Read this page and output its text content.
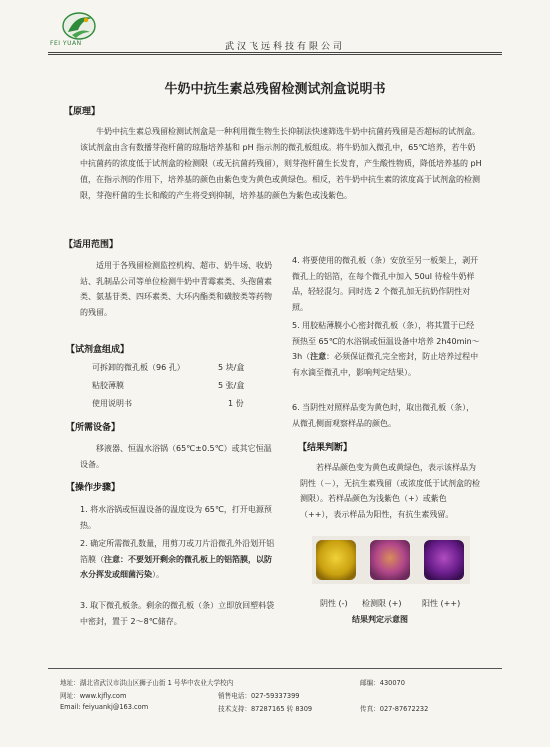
FEI YUAN	武汉飞远科技有限公司
牛奶中抗生素总残留检测试剂盒说明书
【原理】
牛奶中抗生素总残留检测试剂盒是一种利用微生物生长抑制法快速筛选牛奶中抗菌药残留是否超标的试剂盒。该试剂盒由含有数播芽孢杆菌的琼脂培养基和 pH 指示剂的微孔板组成。将牛奶加入微孔中，65℃培养，若牛奶中抗菌药的浓度低于试剂盒的检测限（或无抗菌药残留），则芽孢杆菌生长发育，产生酸性物质，降低培养基的 pH 值，在指示剂的作用下，培养基的颜色由紫色变为黄色或黄绿色。相反，若牛奶中抗生素的浓度高于试剂盒的检测限，芽孢杆菌的生长和酸的产生将受到抑制，培养基的颜色为紫色或浅紫色。
【适用范围】
适用于各残留检测监控机构、超市、奶牛场、收奶站、乳制品公司等单位检测牛奶中青霉素类、头孢菌素类、氨基苷类、四环素类、大环内酯类和磺胺类等药物的残留。
【试剂盒组成】
可拆卸的微孔板（96 孔）	5 块/盒
粘胶薄膜	5 张/盒
使用说明书	1 份
【所需设备】
移液器、恒温水浴锅（65℃±0.5℃）或其它恒温设备。
【操作步骤】
1. 将水浴锅或恒温设备的温度设为 65℃，打开电源预热。
2. 确定所需微孔数量，用剪刀或刀片沿微孔外沿划开铝箔膜（注意：不要划开剩余的微孔板上的铝箔膜，以防水分挥发或细菌污染）。
3. 取下微孔板条。剩余的微孔板（条）立即放回塑料袋中密封，置于 2～8℃储存。
4. 将要使用的微孔板（条）安放至另一板架上，剥开微孔上的铝箔，在每个微孔中加入 50ul 待检牛奶样品，轻轻混匀。同时选 2 个微孔加无抗奶作阴性对照。
5. 用胶粘薄膜小心密封微孔板（条），将其置于已经预热至 65℃的水浴锅或恒温设备中培养 2h40min～3h（注意：必须保证微孔完全密封，防止培养过程中有水滴至微孔中，影响判定结果）。
6. 当阴性对照样品变为黄色时，取出微孔板（条），从微孔侧面观察样品的颜色。
【结果判断】
若样品颜色变为黄色或黄绿色，表示该样品为阴性（－），无抗生素残留（或浓度低于试剂盒的检测限）。若样品颜色为浅紫色（+）或紫色（++），表示样品为阳性，有抗生素残留。
阴性 (-) 检测限 (+)	阳性 (++)
结果判定示意图
地址：湖北省武汉市洪山区狮子山街 1 号华中农业大学校内	邮编：430070
网址：www.kjfly.com	销售电话：027-59337399
Email: feiyuankj@163.com	技术支持：87287165 转 8309	传真：027-87672232
